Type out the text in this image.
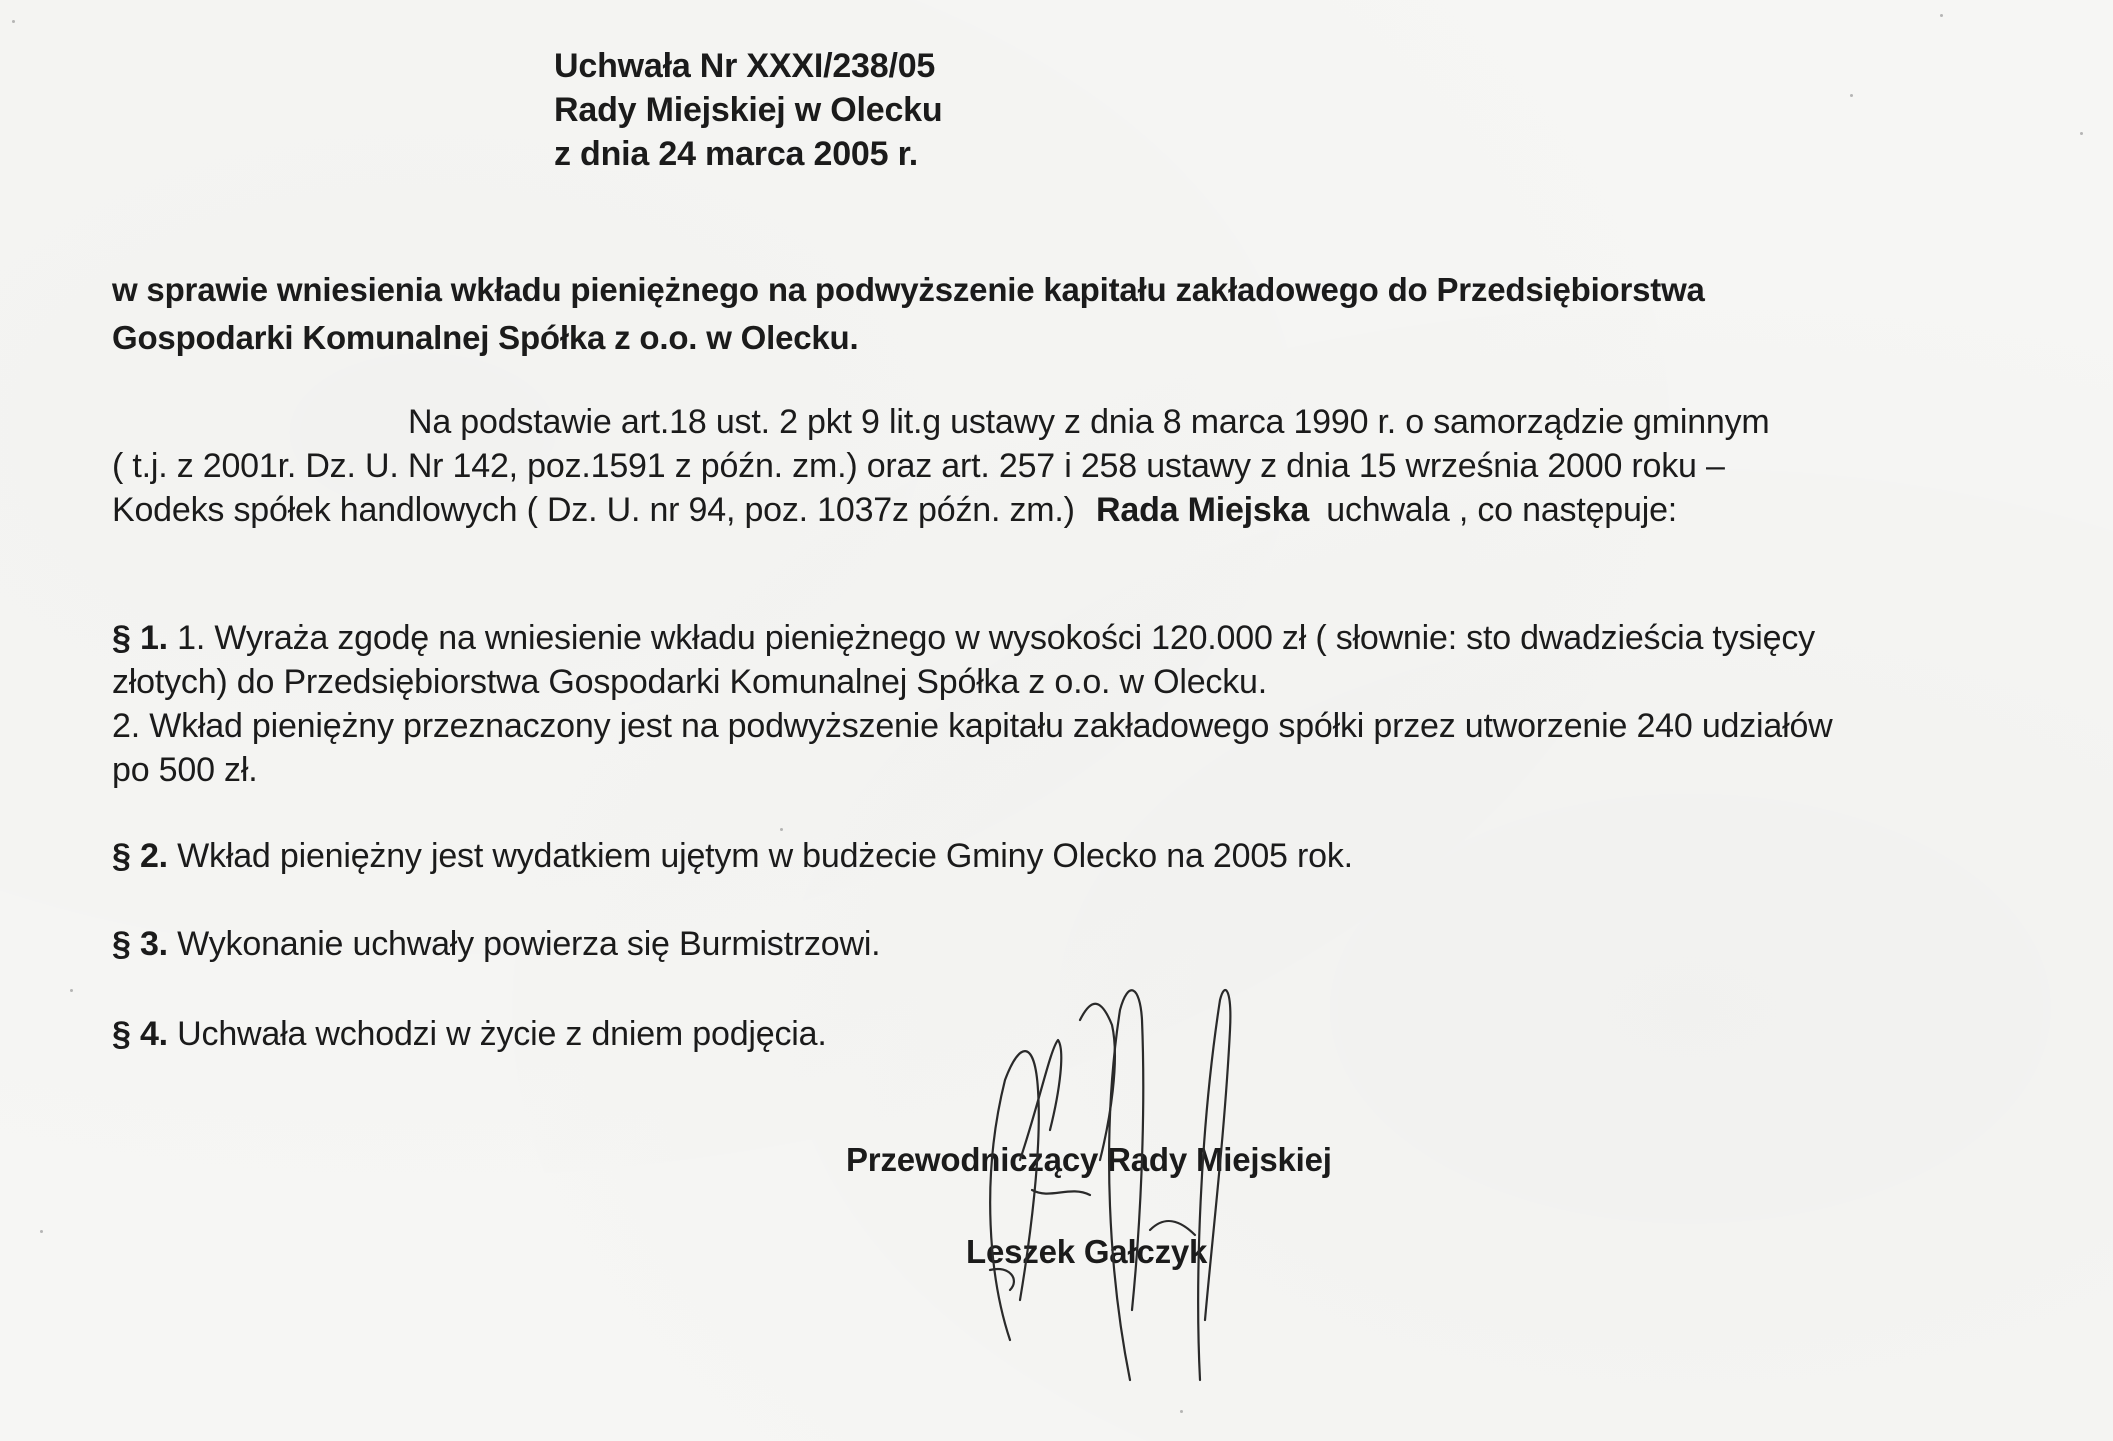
Uchwała Nr XXXI/238/05
Rady Miejskiej w Olecku
z dnia 24 marca 2005 r.
w sprawie wniesienia wkładu pieniężnego na podwyższenie kapitału zakładowego do Przedsiębiorstwa
Gospodarki Komunalnej Spółka z o.o. w Olecku.
Na podstawie art.18 ust. 2 pkt 9 lit.g ustawy z dnia 8 marca 1990 r. o samorządzie gminnym
( t.j. z 2001r. Dz. U. Nr 142, poz.1591 z późn. zm.) oraz art. 257 i 258 ustawy z dnia 15 września 2000 roku –
Kodeks spółek handlowych ( Dz. U. nr 94, poz. 1037z późn. zm.) Rada Miejska uchwala , co następuje:
§ 1. 1. Wyraża zgodę na wniesienie wkładu pieniężnego w wysokości 120.000 zł ( słownie: sto dwadzieścia tysięcy
złotych) do Przedsiębiorstwa Gospodarki Komunalnej Spółka z o.o. w Olecku.
2. Wkład pieniężny przeznaczony jest na podwyższenie kapitału zakładowego spółki przez utworzenie 240 udziałów
po 500 zł.
§ 2. Wkład pieniężny jest wydatkiem ujętym w budżecie Gminy Olecko na 2005 rok.
§ 3. Wykonanie uchwały powierza się Burmistrzowi.
§ 4. Uchwała wchodzi w życie z dniem podjęcia.
Przewodniczący Rady Miejskiej
Leszek Gałczyk
